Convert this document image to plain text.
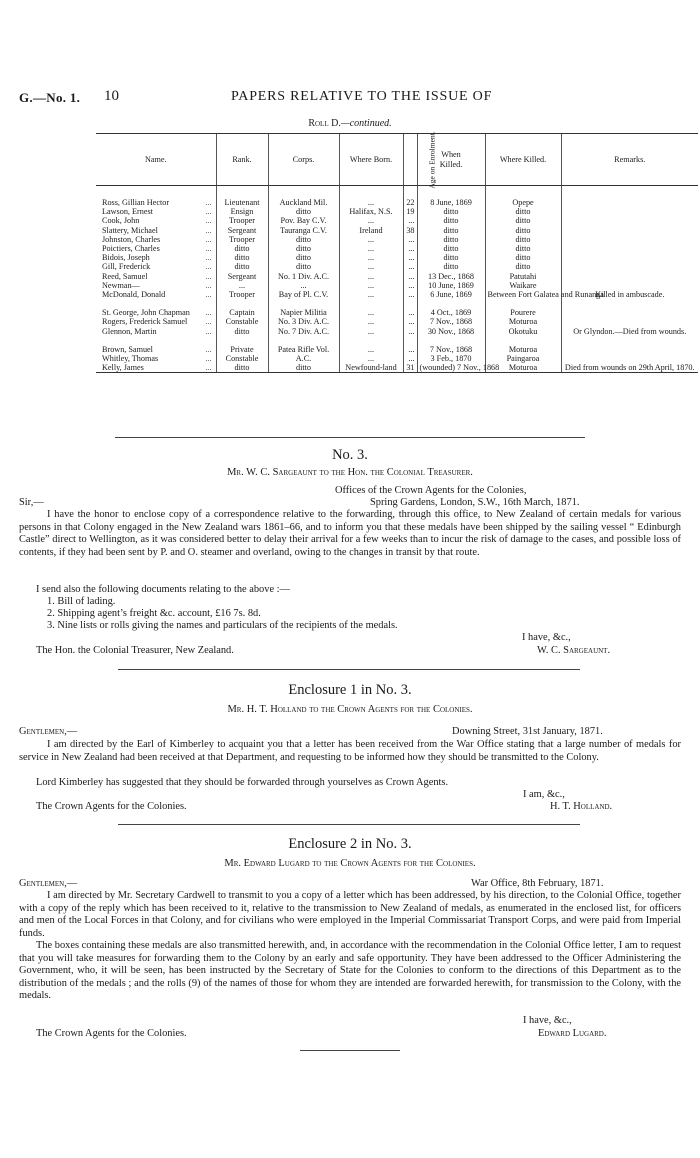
G.—No. 1. 10	PAPERS RELATIVE TO THE ISSUE OF
Roll D.—continued.
Name.	Rank.	Corps.	Where Born.	Age on Enrolment.	When Killed.	Where Killed.	Remarks.

Ross, Gillian Hector ...	Lieutenant	Auckland Mil.	...	22	8 June, 1869	Opepe	

Lawson, Ernest ...	Ensign	ditto	Halifax, N.S.	19	ditto	ditto	

Cook, John ...	Trooper	Pov. Bay C.V.	...	...	ditto	ditto	

Slattery, Michael ...	Sergeant	Tauranga C.V.	Ireland	38	ditto	ditto	

Johnston, Charles ...	Trooper	ditto	...	...	ditto	ditto	

Poictiers, Charles ...	ditto	ditto	...	...	ditto	ditto	

Bidois, Joseph ...	ditto	ditto	...	...	ditto	ditto	

Gill, Frederick ...	ditto	ditto	...	...	ditto	ditto	

Reed, Samuel ...	Sergeant	No. 1 Div. A.C.	...	...	13 Dec., 1868	Patutahi	

Newman— ...	...	...	...	...	10 June, 1869	Waikare	

McDonald, Donald ...	Trooper	Bay of Pl. C.V.	...	...	6 June, 1869	Between Fort Galatea and Runanga	Killed in ambuscade.

St. George, John Chapman ...	Captain	Napier Militia	...	...	4 Oct., 1869	Pourere	

Rogers, Frederick Samuel ...	Constable	No. 3 Div. A.C.	...	...	7 Nov., 1868	Moturoa	

Glennon, Martin ...	ditto	No. 7 Div. A.C.	...	...	30 Nov., 1868	Okotuku	Or Glyndon.—Died from wounds.

Brown, Samuel ...	Private	Patea Rifle Vol.	...	...	7 Nov., 1868	Moturoa	

Whitley, Thomas ...	Constable	A.C.	...	...	3 Feb., 1870	Paingaroa	

Kelly, James ...	ditto	ditto	Newfound-land	31	(wounded) 7 Nov., 1868	Moturoa	Died from wounds on 29th April, 1870.
No. 3.
Mr. W. C. Sargeaunt to the Hon. the Colonial Treasurer.
Offices of the Crown Agents for the Colonies,
Sir,—	Spring Gardens, London, S.W., 16th March, 1871.
I have the honor to enclose copy of a correspondence relative to the forwarding, through this office, to New Zealand of certain medals for various persons in that Colony engaged in the New Zealand wars 1861–66, and to inform you that these medals have been shipped by the sailing vessel “ Edinburgh Castle” direct to Wellington, as it was considered better to delay their arrival for a few weeks than to incur the risk of damage to the cases, and possible loss of contents, if they had been sent by P. and O. steamer and overland, owing to the changes in transit by that route.
I send also the following documents relating to the above :—
1. Bill of lading.
2. Shipping agent’s freight &c. account, £16 7s. 8d.
3. Nine lists or rolls giving the names and particulars of the recipients of the medals.
I have, &c.,
The Hon. the Colonial Treasurer, New Zealand.	W. C. Sargeaunt.
Enclosure 1 in No. 3.
Mr. H. T. Holland to the Crown Agents for the Colonies.
Gentlemen,—	Downing Street, 31st January, 1871.
I am directed by the Earl of Kimberley to acquaint you that a letter has been received from the War Office stating that a large number of medals for service in New Zealand had been received at that Department, and requesting to be informed how they should be transmitted to the Colony.
Lord Kimberley has suggested that they should be forwarded through yourselves as Crown Agents.
I am, &c.,
The Crown Agents for the Colonies.	H. T. Holland.
Enclosure 2 in No. 3.
Mr. Edward Lugard to the Crown Agents for the Colonies.
Gentlemen,—	War Office, 8th February, 1871.
I am directed by Mr. Secretary Cardwell to transmit to you a copy of a letter which has been addressed, by his direction, to the Colonial Office, together with a copy of the reply which has been received to it, relative to the transmission to New Zealand of medals, as enumerated in the enclosed list, for officers and men of the Local Forces in that Colony, and for civilians who were employed in the Imperial Commissariat Transport Corps, and were paid from Imperial funds.
The boxes containing these medals are also transmitted herewith, and, in accordance with the recommendation in the Colonial Office letter, I am to request that you will take measures for forwarding them to the Colony by an early and safe opportunity. They have been addressed to the Officer Administering the Government, who, it will be seen, has been instructed by the Secretary of State for the Colonies to conform to the directions of this Department as to the distribution of the medals ; and the rolls (9) of the names of those for whom they are intended are forwarded herewith, for transmission to the Colony, with the medals.
I have, &c.,
The Crown Agents for the Colonies.	Edward Lugard.
